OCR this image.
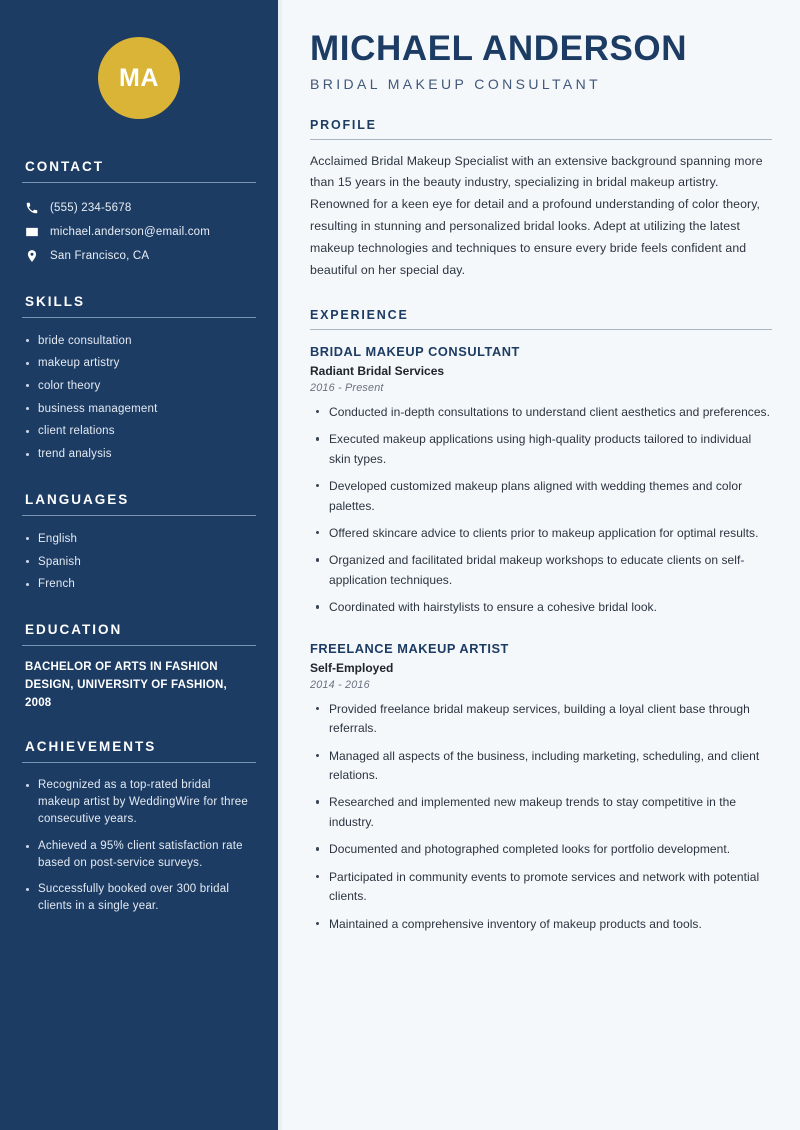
MA
CONTACT
(555) 234-5678
michael.anderson@email.com
San Francisco, CA
SKILLS
bride consultation
makeup artistry
color theory
business management
client relations
trend analysis
LANGUAGES
English
Spanish
French
EDUCATION
BACHELOR OF ARTS IN FASHION DESIGN, UNIVERSITY OF FASHION, 2008
ACHIEVEMENTS
Recognized as a top-rated bridal makeup artist by WeddingWire for three consecutive years.
Achieved a 95% client satisfaction rate based on post-service surveys.
Successfully booked over 300 bridal clients in a single year.
MICHAEL ANDERSON
BRIDAL MAKEUP CONSULTANT
PROFILE

Acclaimed Bridal Makeup Specialist with an extensive background spanning more than 15 years in the beauty industry, specializing in bridal makeup artistry. Renowned for a keen eye for detail and a profound understanding of color theory, resulting in stunning and personalized bridal looks. Adept at utilizing the latest makeup technologies and techniques to ensure every bride feels confident and beautiful on her special day.

EXPERIENCE
BRIDAL MAKEUP CONSULTANT
Radiant Bridal Services
2016 - Present
Conducted in-depth consultations to understand client aesthetics and preferences.
Executed makeup applications using high-quality products tailored to individual skin types.
Developed customized makeup plans aligned with wedding themes and color palettes.
Offered skincare advice to clients prior to makeup application for optimal results.
Organized and facilitated bridal makeup workshops to educate clients on self-application techniques.
Coordinated with hairstylists to ensure a cohesive bridal look.
FREELANCE MAKEUP ARTIST
Self-Employed
2014 - 2016
Provided freelance bridal makeup services, building a loyal client base through referrals.
Managed all aspects of the business, including marketing, scheduling, and client relations.
Researched and implemented new makeup trends to stay competitive in the industry.
Documented and photographed completed looks for portfolio development.
Participated in community events to promote services and network with potential clients.
Maintained a comprehensive inventory of makeup products and tools.
